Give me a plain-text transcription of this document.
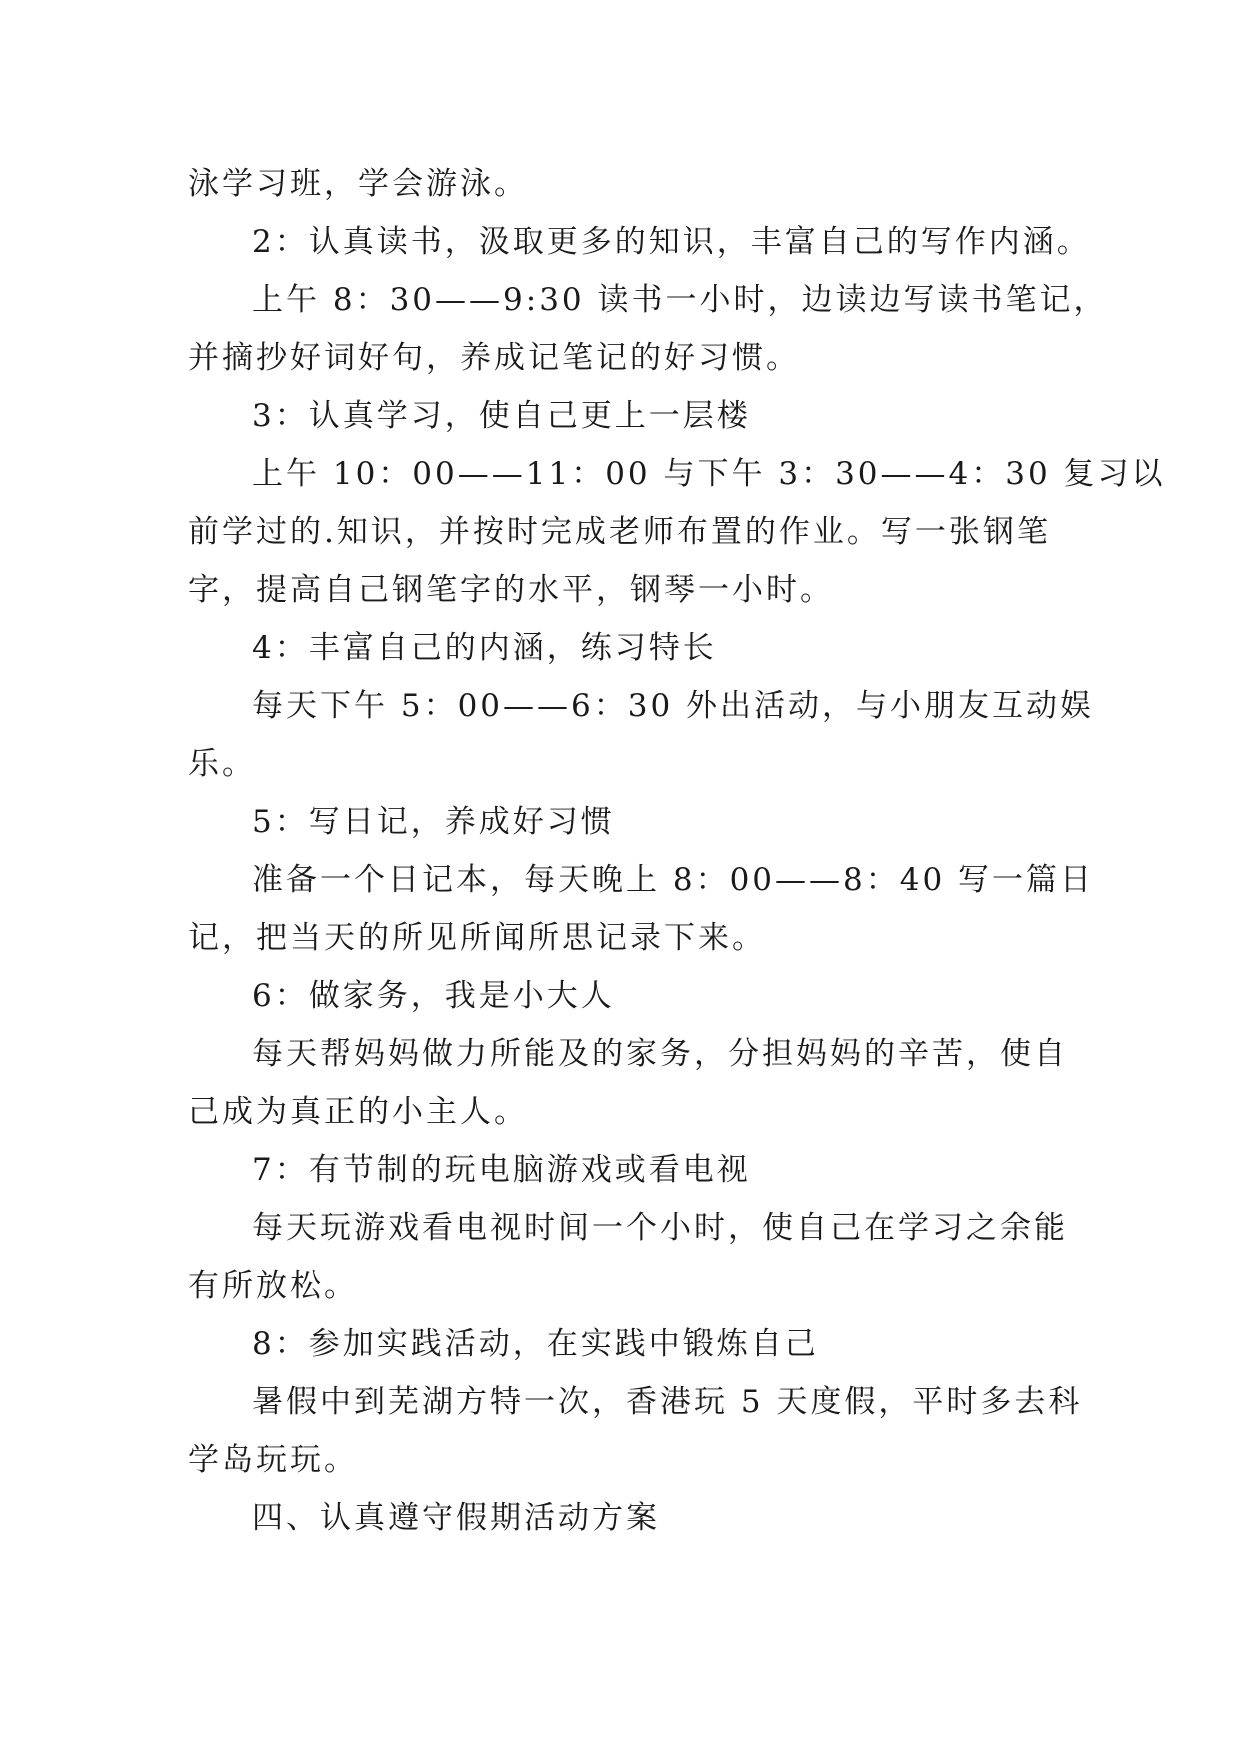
泳学习班，学会游泳。
2：认真读书，汲取更多的知识，丰富自己的写作内涵。
上午 8：30——9:30 读书一小时，边读边写读书笔记，
并摘抄好词好句，养成记笔记的好习惯。
3：认真学习，使自己更上一层楼
上午 10：00——11：00 与下午 3：30——4：30 复习以
前学过的.知识，并按时完成老师布置的作业。写一张钢笔
字，提高自己钢笔字的水平，钢琴一小时。
4：丰富自己的内涵，练习特长
每天下午 5：00——6：30 外出活动，与小朋友互动娱
乐。
5：写日记，养成好习惯
准备一个日记本，每天晚上 8：00——8：40 写一篇日
记，把当天的所见所闻所思记录下来。
6：做家务，我是小大人
每天帮妈妈做力所能及的家务，分担妈妈的辛苦，使自
己成为真正的小主人。
7：有节制的玩电脑游戏或看电视
每天玩游戏看电视时间一个小时，使自己在学习之余能
有所放松。
8：参加实践活动，在实践中锻炼自己
暑假中到芜湖方特一次，香港玩 5 天度假，平时多去科
学岛玩玩。
四、认真遵守假期活动方案
